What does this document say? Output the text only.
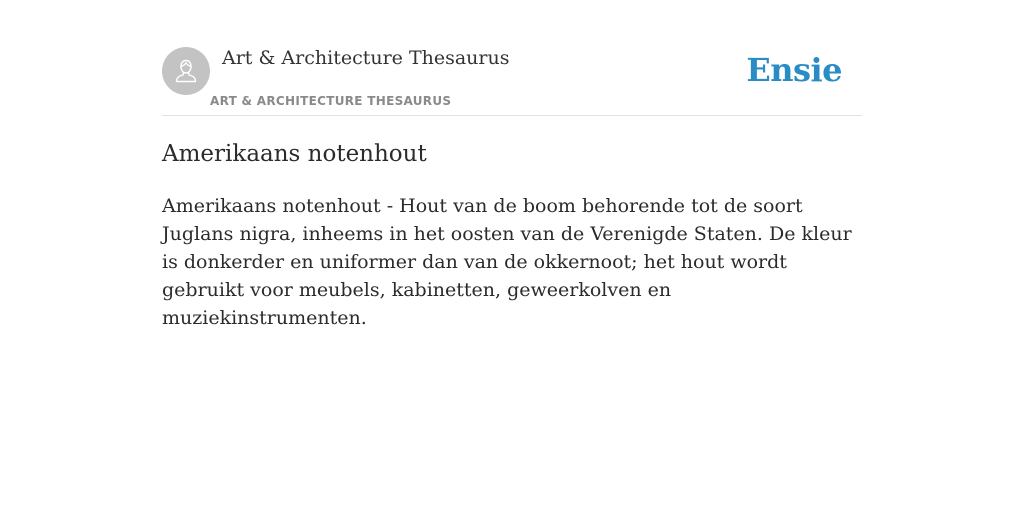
Art & Architecture Thesaurus
ART & ARCHITECTURE THESAURUS
Ensie
Amerikaans notenhout

Amerikaans notenhout - Hout van de boom behorende tot de soort Juglans nigra, inheems in het oosten van de Verenigde Staten. De kleur is donkerder en uniformer dan van de okkernoot; het hout wordt gebruikt voor meubels, kabinetten, geweerkolven en muziekinstrumenten.
